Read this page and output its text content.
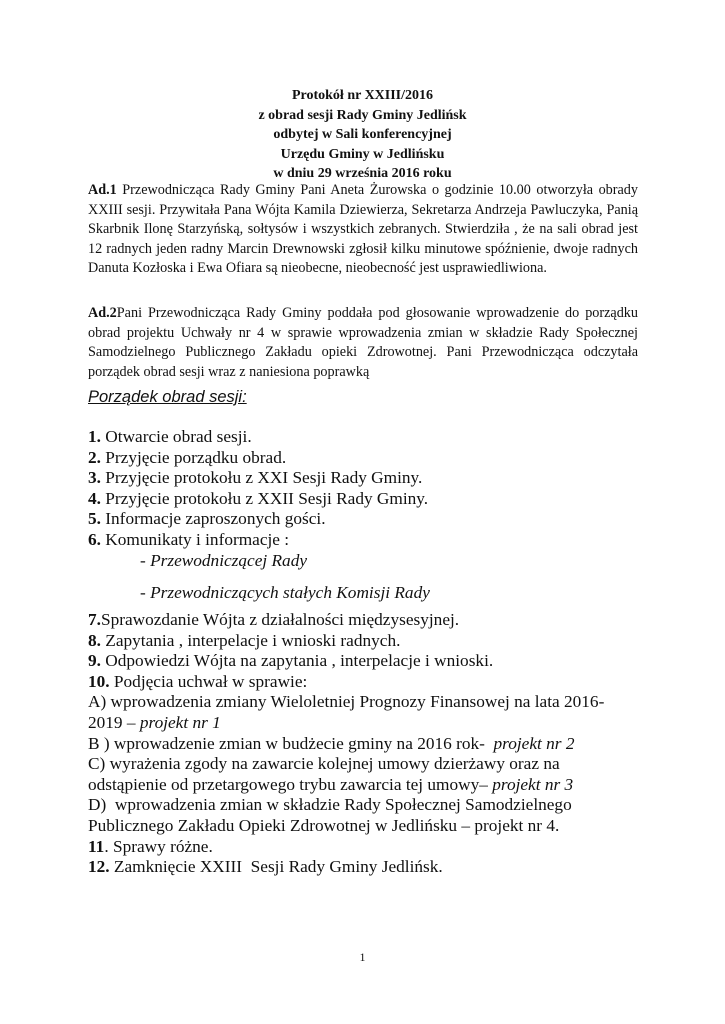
Protokół nr XXIII/2016
z obrad sesji Rady Gminy Jedlińsk
odbytej w Sali konferencyjnej
Urzędu Gminy w Jedlińsku
w dniu 29 września 2016 roku
Ad.1 Przewodnicząca Rady Gminy Pani Aneta Żurowska o godzinie 10.00 otworzyła obrady XXIII sesji. Przywitała Pana Wójta Kamila Dziewierza, Sekretarza Andrzeja Pawluczyka, Panią Skarbnik Ilonę Starzyńską, sołtysów i wszystkich zebranych. Stwierdziła , że na sali obrad jest 12 radnych jeden radny Marcin Drewnowski zgłosił kilku minutowe spóźnienie, dwoje radnych Danuta Kozłoska i Ewa Ofiara są nieobecne, nieobecność jest usprawiedliwiona.
Ad.2Pani Przewodnicząca Rady Gminy poddała pod głosowanie wprowadzenie do porządku obrad projektu Uchwały nr 4 w sprawie wprowadzenia zmian w składzie Rady Społecznej Samodzielnego Publicznego Zakładu opieki Zdrowotnej. Pani Przewodnicząca odczytała porządek obrad sesji wraz z naniesiona poprawką
Porządek obrad sesji:
1. Otwarcie obrad sesji.
2. Przyjęcie porządku obrad.
3. Przyjęcie protokołu z XXI Sesji Rady Gminy.
4. Przyjęcie protokołu z XXII Sesji Rady Gminy.
5. Informacje zaproszonych gości.
6. Komunikaty i informacje :
- Przewodniczącej Rady
- Przewodniczących stałych Komisji Rady
7.Sprawozdanie Wójta z działalności międzysesyjnej.
8. Zapytania , interpelacje i wnioski radnych.
9. Odpowiedzi Wójta na zapytania , interpelacje i wnioski.
10. Podjęcia uchwał w sprawie:
A) wprowadzenia zmiany Wieloletniej Prognozy Finansowej na lata 2016-
2019 – projekt nr 1
B ) wprowadzenie zmian w budżecie gminy na 2016 rok-  projekt nr 2
C) wyrażenia zgody na zawarcie kolejnej umowy dzierżawy oraz na
odstąpienie od przetargowego trybu zawarcia tej umowy– projekt nr 3
D)  wprowadzenia zmian w składzie Rady Społecznej Samodzielnego
Publicznego Zakładu Opieki Zdrowotnej w Jedlińsku – projekt nr 4.
11. Sprawy różne.
12. Zamknięcie XXIII  Sesji Rady Gminy Jedlińsk.
1
